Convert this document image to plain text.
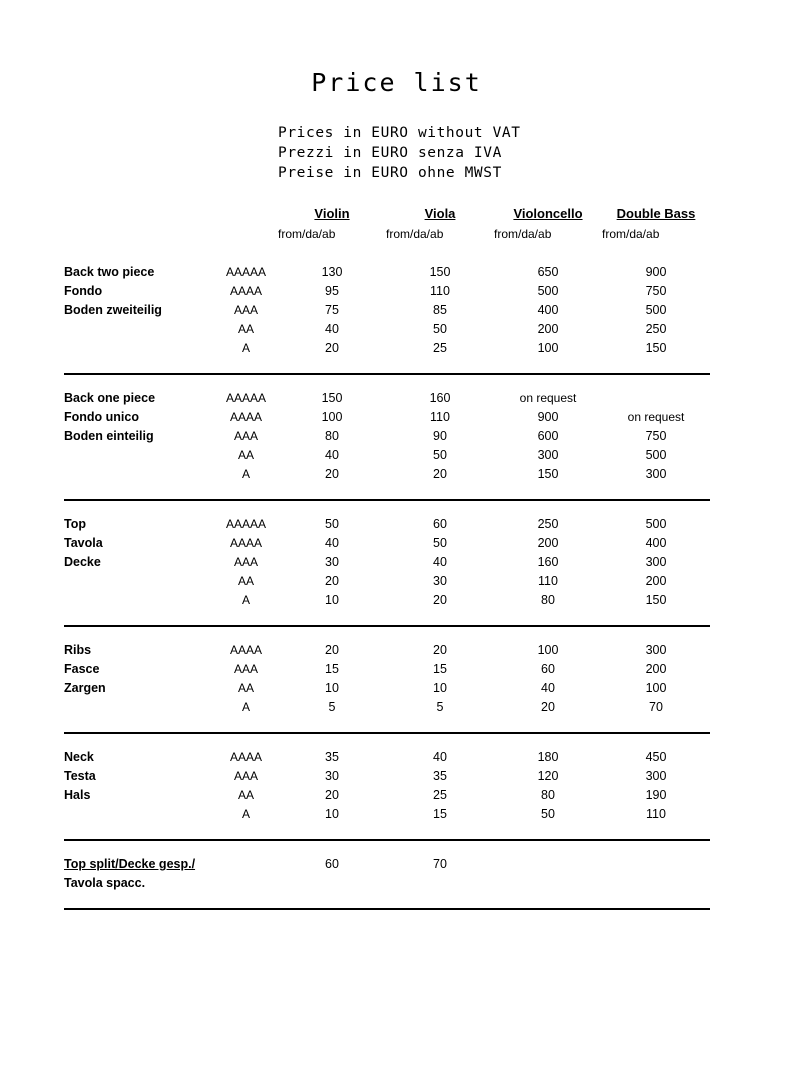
Price list
Prices in EURO without VAT
Prezzi in EURO senza IVA
Preise in EURO ohne MWST
		Violin	Viola	Violoncello	Double Bass
		from/da/ab	from/da/ab	from/da/ab	from/da/ab

Back two piece	AAAAA	130	150	650	900
Fondo	AAAA	95	110	500	750
Boden zweiteilig	AAA	75	85	400	500
	AA	40	50	200	250
	A	20	25	100	150

Back one piece	AAAAA	150	160	on request	
Fondo unico	AAAA	100	110	900	on request
Boden einteilig	AAA	80	90	600	750
	AA	40	50	300	500
	A	20	20	150	300

Top	AAAAA	50	60	250	500
Tavola	AAAA	40	50	200	400
Decke	AAA	30	40	160	300
	AA	20	30	110	200
	A	10	20	80	150

Ribs	AAAA	20	20	100	300
Fasce	AAA	15	15	60	200
Zargen	AA	10	10	40	100
	A	5	5	20	70

Neck	AAAA	35	40	180	450
Testa	AAA	30	35	120	300
Hals	AA	20	25	80	190
	A	10	15	50	110

Top split/Decke gesp./		60	70		
Tavola spacc.					
